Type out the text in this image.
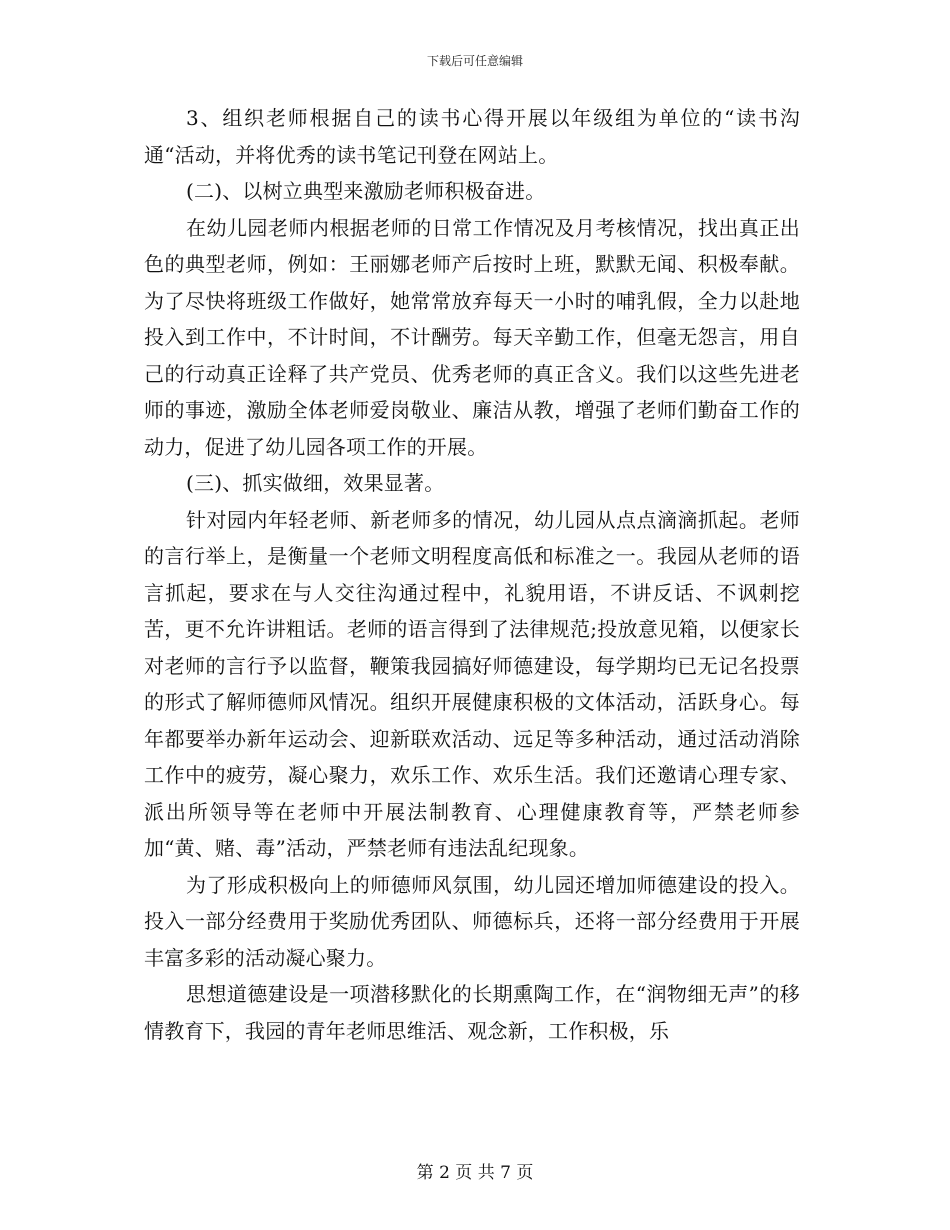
下载后可任意编辑

3、组织老师根据自己的读书心得开展以年级组为单位的“读书沟通“活动，并将优秀的读书笔记刊登在网站上。

(二)、以树立典型来激励老师积极奋进。

在幼儿园老师内根据老师的日常工作情况及月考核情况，找出真正出色的典型老师，例如：王丽娜老师产后按时上班，默默无闻、积极奉献。为了尽快将班级工作做好，她常常放弃每天一小时的哺乳假，全力以赴地投入到工作中，不计时间，不计酬劳。每天辛勤工作，但毫无怨言，用自己的行动真正诠释了共产党员、优秀老师的真正含义。我们以这些先进老师的事迹，激励全体老师爱岗敬业、廉洁从教，增强了老师们勤奋工作的动力，促进了幼儿园各项工作的开展。

(三)、抓实做细，效果显著。

针对园内年轻老师、新老师多的情况，幼儿园从点点滴滴抓起。老师的言行举上，是衡量一个老师文明程度高低和标准之一。我园从老师的语言抓起，要求在与人交往沟通过程中，礼貌用语，不讲反话、不讽刺挖苦，更不允许讲粗话。老师的语言得到了法律规范;投放意见箱，以便家长对老师的言行予以监督，鞭策我园搞好师德建设，每学期均已无记名投票的形式了解师德师风情况。组织开展健康积极的文体活动，活跃身心。每年都要举办新年运动会、迎新联欢活动、远足等多种活动，通过活动消除工作中的疲劳，凝心聚力，欢乐工作、欢乐生活。我们还邀请心理专家、派出所领导等在老师中开展法制教育、心理健康教育等，严禁老师参加“黄、赌、毒”活动，严禁老师有违法乱纪现象。

为了形成积极向上的师德师风氛围，幼儿园还增加师德建设的投入。投入一部分经费用于奖励优秀团队、师德标兵，还将一部分经费用于开展丰富多彩的活动凝心聚力。

思想道德建设是一项潜移默化的长期熏陶工作，在“润物细无声”的移情教育下，我园的青年老师思维活、观念新，工作积极，乐

第 2 页 共 7 页
